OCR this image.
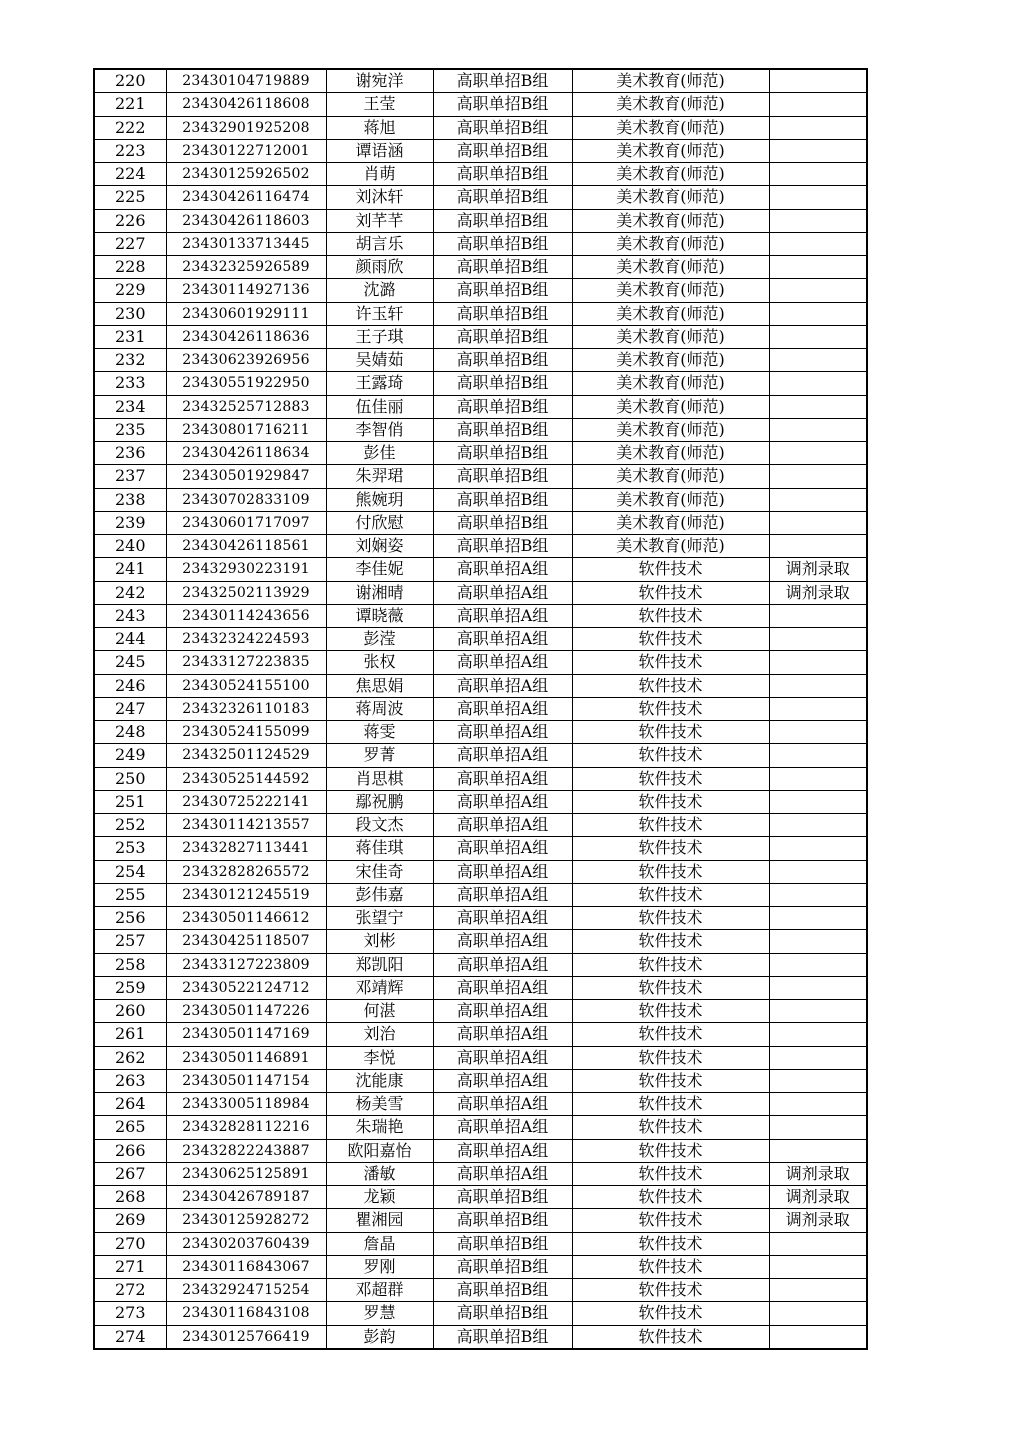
220	23430104719889	谢宛洋	高职单招B组	美术教育(师范)	
221	23430426118608	王莹	高职单招B组	美术教育(师范)	
222	23432901925208	蒋旭	高职单招B组	美术教育(师范)	
223	23430122712001	谭语涵	高职单招B组	美术教育(师范)	
224	23430125926502	肖萌	高职单招B组	美术教育(师范)	
225	23430426116474	刘沐轩	高职单招B组	美术教育(师范)	
226	23430426118603	刘芊芊	高职单招B组	美术教育(师范)	
227	23430133713445	胡言乐	高职单招B组	美术教育(师范)	
228	23432325926589	颜雨欣	高职单招B组	美术教育(师范)	
229	23430114927136	沈潞	高职单招B组	美术教育(师范)	
230	23430601929111	许玉轩	高职单招B组	美术教育(师范)	
231	23430426118636	王子琪	高职单招B组	美术教育(师范)	
232	23430623926956	吴婧茹	高职单招B组	美术教育(师范)	
233	23430551922950	王露琦	高职单招B组	美术教育(师范)	
234	23432525712883	伍佳丽	高职单招B组	美术教育(师范)	
235	23430801716211	李智俏	高职单招B组	美术教育(师范)	
236	23430426118634	彭佳	高职单招B组	美术教育(师范)	
237	23430501929847	朱羿珺	高职单招B组	美术教育(师范)	
238	23430702833109	熊婉玥	高职单招B组	美术教育(师范)	
239	23430601717097	付欣慰	高职单招B组	美术教育(师范)	
240	23430426118561	刘娴姿	高职单招B组	美术教育(师范)	
241	23432930223191	李佳妮	高职单招A组	软件技术	调剂录取
242	23432502113929	谢湘晴	高职单招A组	软件技术	调剂录取
243	23430114243656	谭晓薇	高职单招A组	软件技术	
244	23432324224593	彭滢	高职单招A组	软件技术	
245	23433127223835	张权	高职单招A组	软件技术	
246	23430524155100	焦思娟	高职单招A组	软件技术	
247	23432326110183	蒋周波	高职单招A组	软件技术	
248	23430524155099	蒋雯	高职单招A组	软件技术	
249	23432501124529	罗菁	高职单招A组	软件技术	
250	23430525144592	肖思棋	高职单招A组	软件技术	
251	23430725222141	鄢祝鹏	高职单招A组	软件技术	
252	23430114213557	段文杰	高职单招A组	软件技术	
253	23432827113441	蒋佳琪	高职单招A组	软件技术	
254	23432828265572	宋佳奇	高职单招A组	软件技术	
255	23430121245519	彭伟嘉	高职单招A组	软件技术	
256	23430501146612	张望宁	高职单招A组	软件技术	
257	23430425118507	刘彬	高职单招A组	软件技术	
258	23433127223809	郑凯阳	高职单招A组	软件技术	
259	23430522124712	邓靖辉	高职单招A组	软件技术	
260	23430501147226	何湛	高职单招A组	软件技术	
261	23430501147169	刘治	高职单招A组	软件技术	
262	23430501146891	李悦	高职单招A组	软件技术	
263	23430501147154	沈能康	高职单招A组	软件技术	
264	23433005118984	杨美雪	高职单招A组	软件技术	
265	23432828112216	朱瑞艳	高职单招A组	软件技术	
266	23432822243887	欧阳嘉怡	高职单招A组	软件技术	
267	23430625125891	潘敏	高职单招A组	软件技术	调剂录取
268	23430426789187	龙颖	高职单招B组	软件技术	调剂录取
269	23430125928272	瞿湘园	高职单招B组	软件技术	调剂录取
270	23430203760439	詹晶	高职单招B组	软件技术	
271	23430116843067	罗刚	高职单招B组	软件技术	
272	23432924715254	邓超群	高职单招B组	软件技术	
273	23430116843108	罗慧	高职单招B组	软件技术	
274	23430125766419	彭韵	高职单招B组	软件技术	
